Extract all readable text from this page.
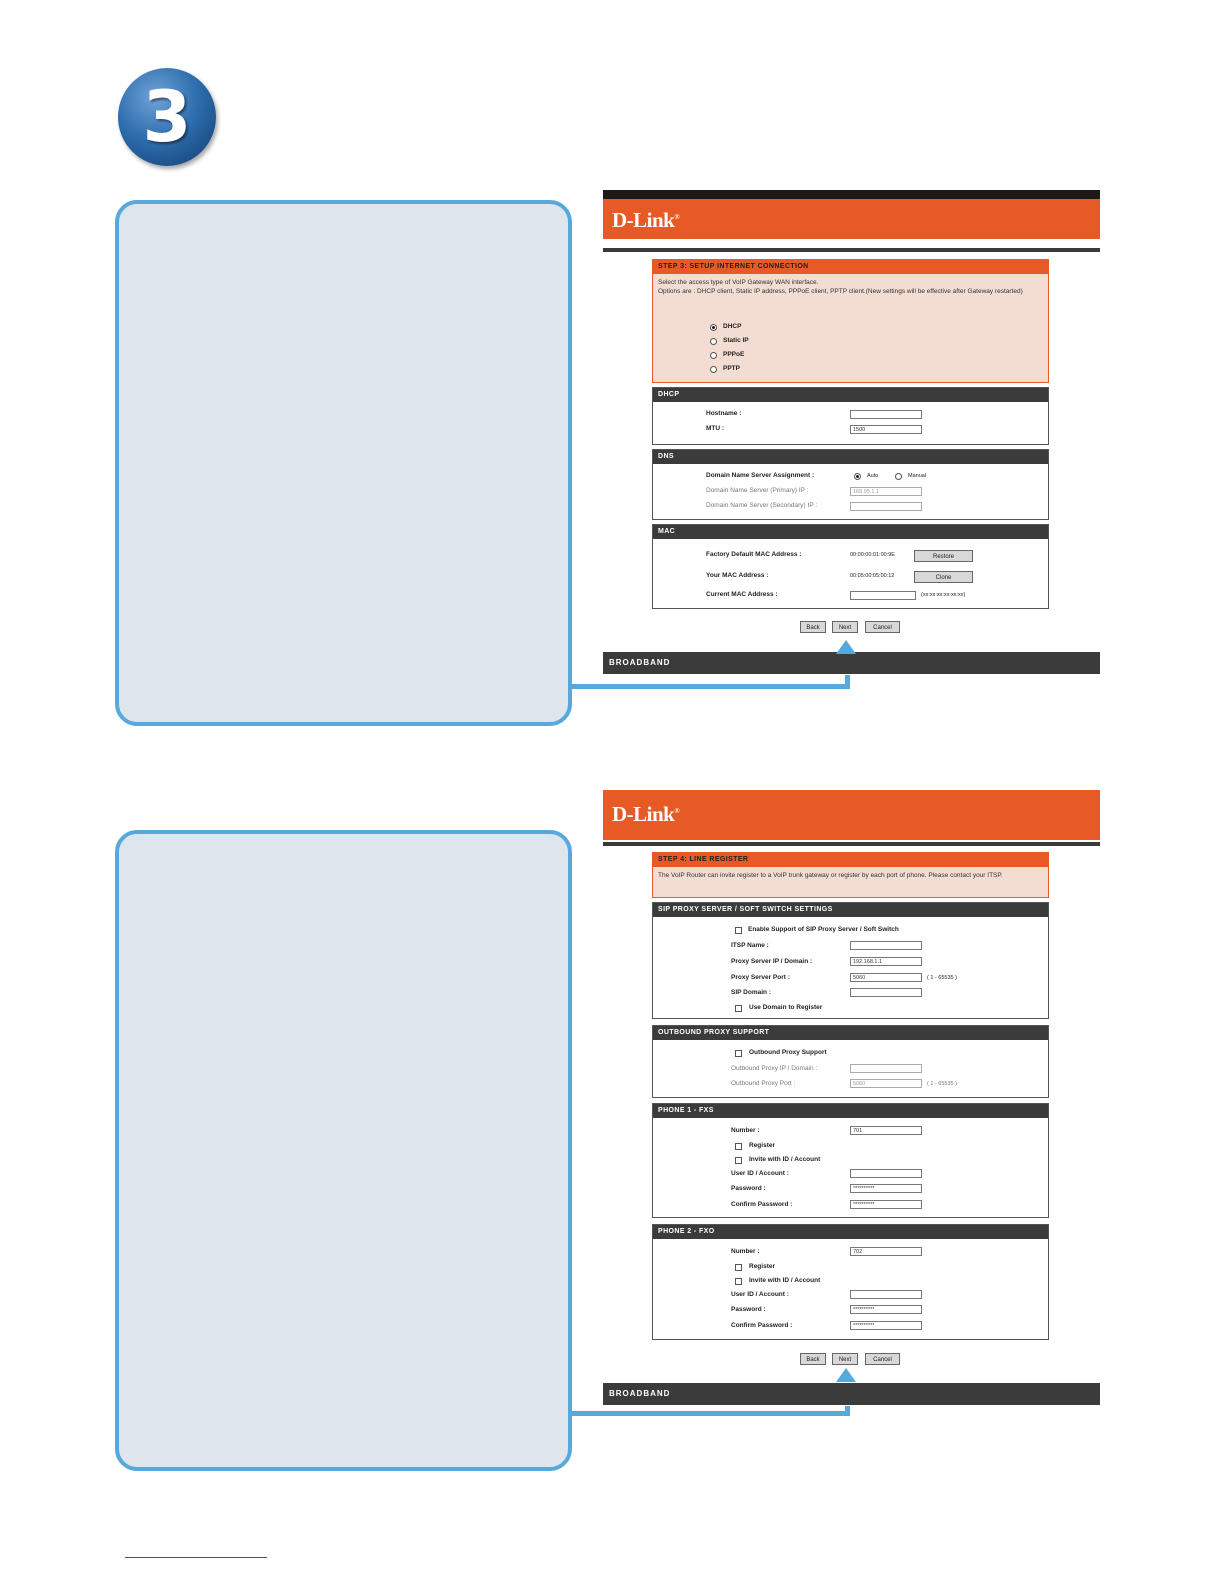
3
D-Link®
STEP 3: SETUP INTERNET CONNECTION
Select the access type of VoIP Gateway WAN interface.
Options are : DHCP client, Static IP address, PPPoE client, PPTP client.(New settings will be effective after Gateway restarted)
DHCP
Static IP
PPPoE
PPTP
DHCP
Hostname :
MTU :	1500
DNS
Domain Name Server Assignment :	Auto	Manual
Domain Name Server (Primary) IP :	168.95.1.1
Domain Name Server (Secondary) IP :
MAC
Factory Default MAC Address :	00:00:00:01:00:9E	Restore
Your MAC Address :	00:05:00:05:00:12	Clone
Current MAC Address :	(xx:xx:xx:xx:xx:xx)
Back	Next	Cancel
BROADBAND
D-Link®
STEP 4: LINE REGISTER
The VoIP Router can invite register to a VoIP trunk gateway or register by each port of phone. Please contact your ITSP.
SIP PROXY SERVER / SOFT SWITCH SETTINGS
Enable Support of SIP Proxy Server / Soft Switch
ITSP Name :
Proxy Server IP / Domain :	192.168.1.1
Proxy Server Port :	5060	( 1 - 65535 )
SIP Domain :
Use Domain to Register
OUTBOUND PROXY SUPPORT
Outbound Proxy Support
Outbound Proxy IP / Domain :
Outbound Proxy Port :	5060	( 1 - 65535 )
PHONE 1 - FXS
Number :	701
Register
Invite with ID / Account
User ID / Account :
Password :	**********
Confirm Password :	**********
PHONE 2 - FXO
Number :	702
Register
Invite with ID / Account
User ID / Account :
Password :	**********
Confirm Password :	**********
Back	Next	Cancel
BROADBAND
